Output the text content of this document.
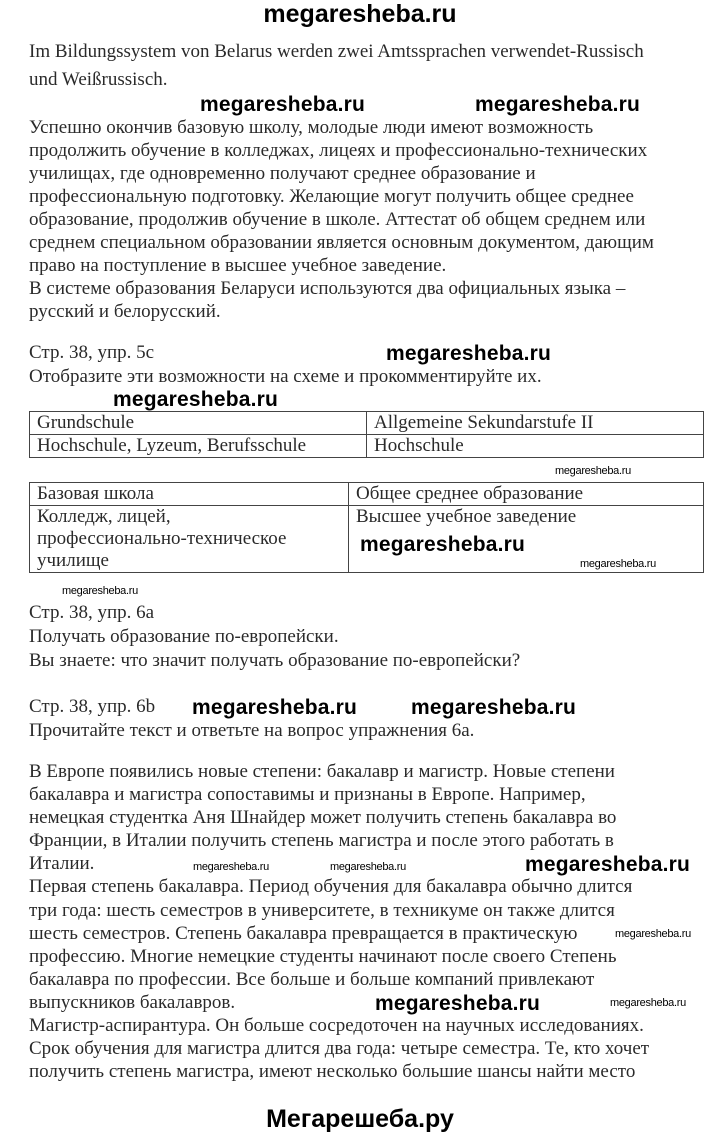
megaresheba.ru
Im Bildungssystem von Belarus werden zwei Amtssprachen verwendet-Russisch
und Weißrussisch.
megaresheba.ru	megaresheba.ru
Успешно окончив базовую школу, молодые люди имеют возможность
продолжить обучение в колледжах, лицеях и профессионально-технических
училищах, где одновременно получают среднее образование и
профессиональную подготовку. Желающие могут получить общее среднее
образование, продолжив обучение в школе. Аттестат об общем среднем или
среднем специальном образовании является основным документом, дающим
право на поступление в высшее учебное заведение.
В системе образования Беларуси используются два официальных языка –
русский и белорусский.
Стр. 38, упр. 5c	megaresheba.ru
Отобразите эти возможности на схеме и прокомментируйте их.
megaresheba.ru
Grundschule	Allgemeine Sekundarstufe II
Hochschule, Lyzeum, Berufsschule	Hochschule
megaresheba.ru
Базовая школа	Общее среднее образование

Колледж, лицей,
профессионально-техническое
училище	Высшее учебное заведение
megaresheba.ru
megaresheba.ru
megaresheba.ru
Стр. 38, упр. 6a
Получать образование по-европейски.
Вы знаете: что значит получать образование по-европейски?
megaresheba.ru
Стр. 38, упр. 6b megaresheba.ru
Прочитайте текст и ответьте на вопрос упражнения 6a.
В Европе появились новые степени: бакалавр и магистр. Новые степени
бакалавра и магистра сопоставимы и признаны в Европе. Например,
немецкая студентка Аня Шнайдер может получить степень бакалавра во
Франции, в Италии получить степень магистра и после этого работать в
Италии.	megaresheba.ru	megaresheba.ru	megaresheba.ru
Первая степень бакалавра. Период обучения для бакалавра обычно длится
три года: шесть семестров в университете, в техникуме он также длится
шесть семестров. Степень бакалавра превращается в практическую	megaresheba.ru
профессию. Многие немецкие студенты начинают после своего Степень
бакалавра по профессии. Все больше и больше компаний привлекают
выпускников бакалавров.	megaresheba.ru	megaresheba.ru
Магистр-аспирантура. Он больше сосредоточен на научных исследованиях.
Срок обучения для магистра длится два года: четыре семестра. Те, кто хочет
получить степень магистра, имеют несколько большие шансы найти место
Мегарешеба.ру
